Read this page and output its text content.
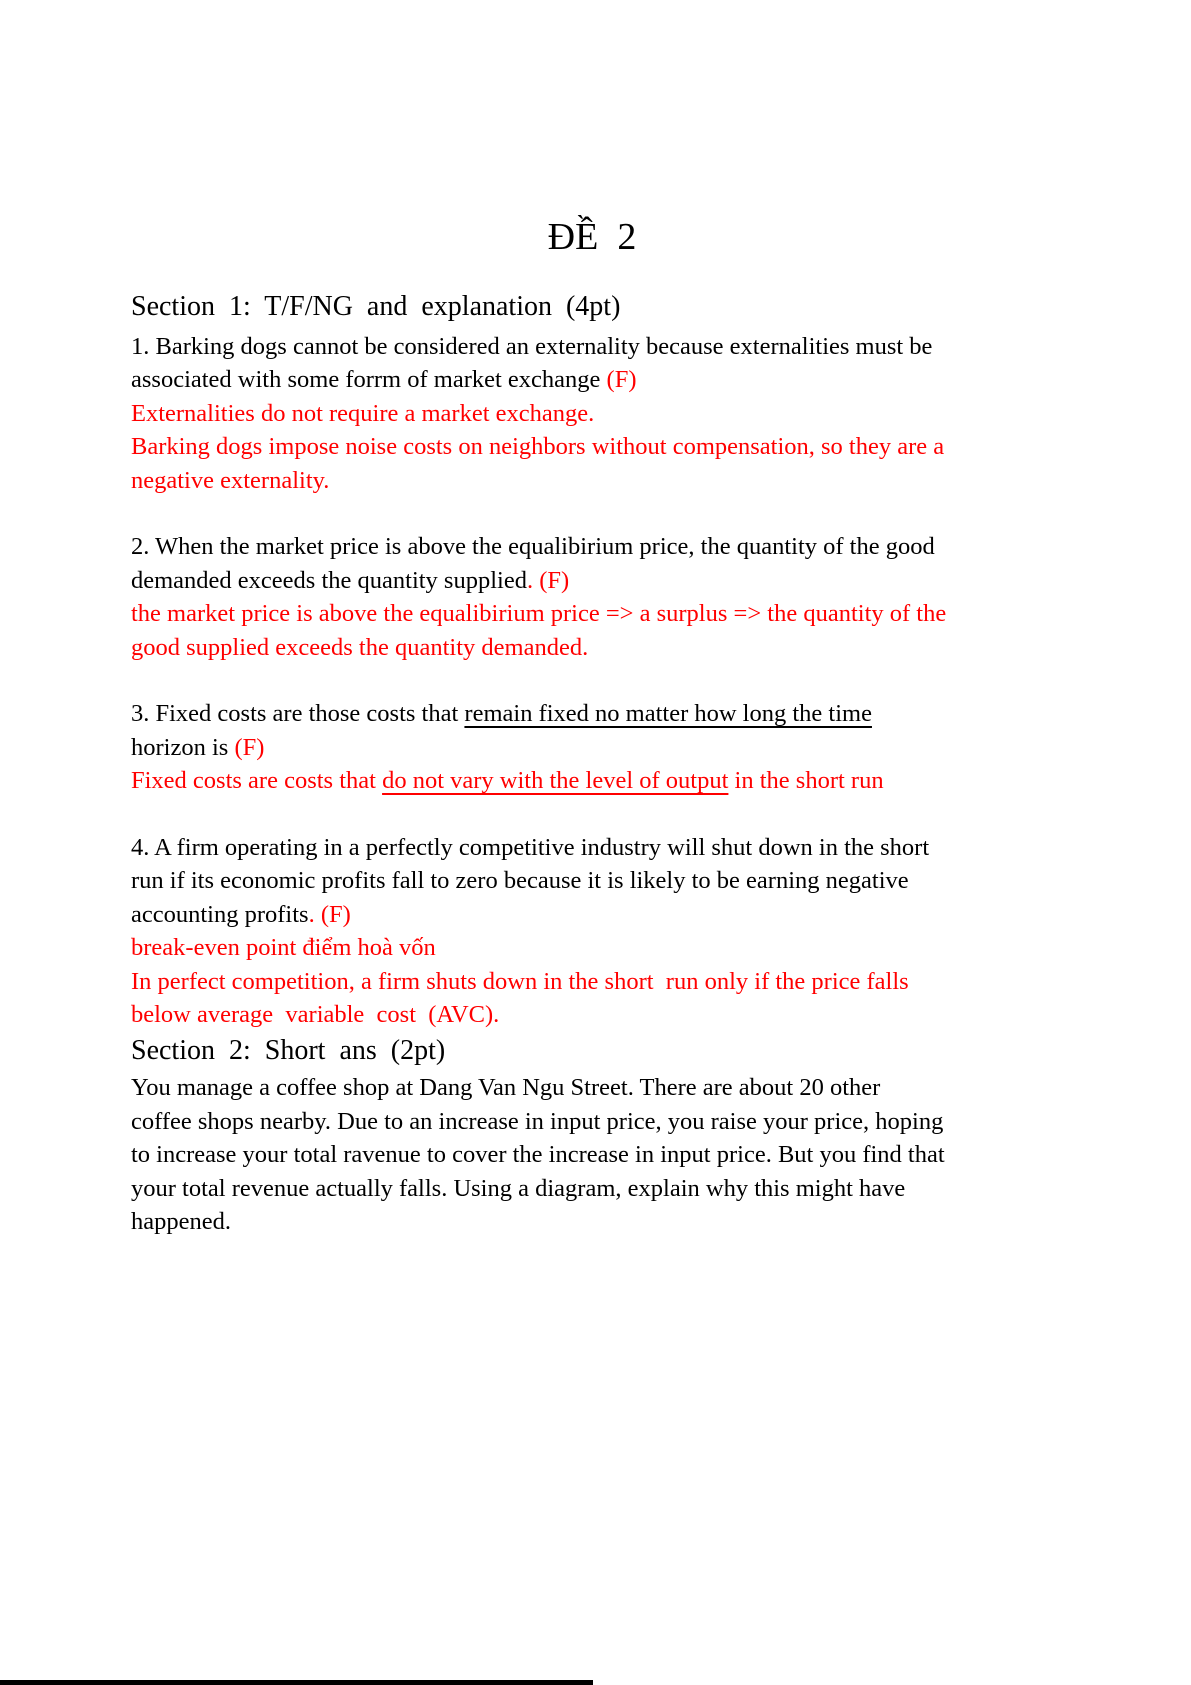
ĐỀ  2
Section  1:  T/F/NG  and  explanation  (4pt)
1. Barking dogs cannot be considered an externality because externalities must be
associated with some forrm of market exchange (F)
Externalities do not require a market exchange.
Barking dogs impose noise costs on neighbors without compensation, so they are a
negative externality.
2. When the market price is above the equalibirium price, the quantity of the good
demanded exceeds the quantity supplied. (F)
the market price is above the equalibirium price => a surplus => the quantity of the
good supplied exceeds the quantity demanded.
3. Fixed costs are those costs that remain fixed no matter how long the time
horizon is (F)
Fixed costs are costs that do not vary with the level of output in the short run
4. A firm operating in a perfectly competitive industry will shut down in the short
run if its economic profits fall to zero because it is likely to be earning negative
accounting profits. (F)
break-even point điểm hoà vốn
In perfect competition, a firm shuts down in the short  run only if the price falls
below average  variable  cost  (AVC).
Section  2:  Short  ans  (2pt)
You manage a coffee shop at Dang Van Ngu Street. There are about 20 other
coffee shops nearby. Due to an increase in input price, you raise your price, hoping
to increase your total ravenue to cover the increase in input price. But you find that
your total revenue actually falls. Using a diagram, explain why this might have
happened.
